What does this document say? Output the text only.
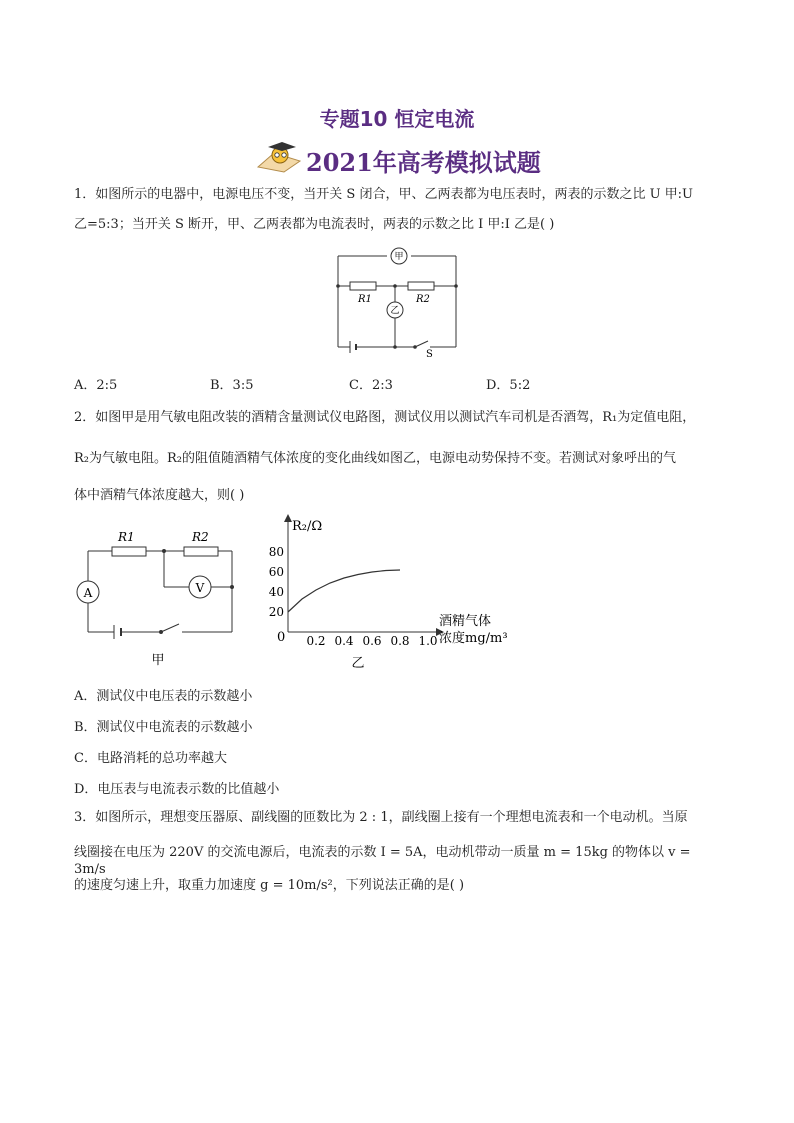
专题10 恒定电流
2021年高考模拟试题
1．如图所示的电器中，电源电压不变，当开关 S 闭合，甲、乙两表都为电压表时，两表的示数之比 U 甲:U
乙=5:3；当开关 S 断开，甲、乙两表都为电流表时，两表的示数之比 I 甲:I 乙是( )
甲
乙
R1	R2
S
A．2:5	B．3:5	C．2:3	D．5:2
2．如图甲是用气敏电阻改装的酒精含量测试仪电路图，测试仪用以测试汽车司机是否酒驾，R₁为定值电阻，
R₂为气敏电阻。R₂的阻值随酒精气体浓度的变化曲线如图乙，电源电动势保持不变。若测试对象呼出的气
体中酒精气体浓度越大，则( )
A	V
R1	R2
甲
0.2 0.4 0.6 0.8 1.0
20
40
60
80
R₂/Ω
酒精气体
浓度mg/m³
0
乙
A．测试仪中电压表的示数越小
B．测试仪中电流表的示数越小
C．电路消耗的总功率越大
D．电压表与电流表示数的比值越小
3．如图所示，理想变压器原、副线圈的匝数比为 2 : 1，副线圈上接有一个理想电流表和一个电动机。当原
线圈接在电压为 220V 的交流电源后，电流表的示数 I = 5A，电动机带动一质量 m = 15kg 的物体以 v = 3m/s
的速度匀速上升，取重力加速度 g = 10m/s²，下列说法正确的是( )
